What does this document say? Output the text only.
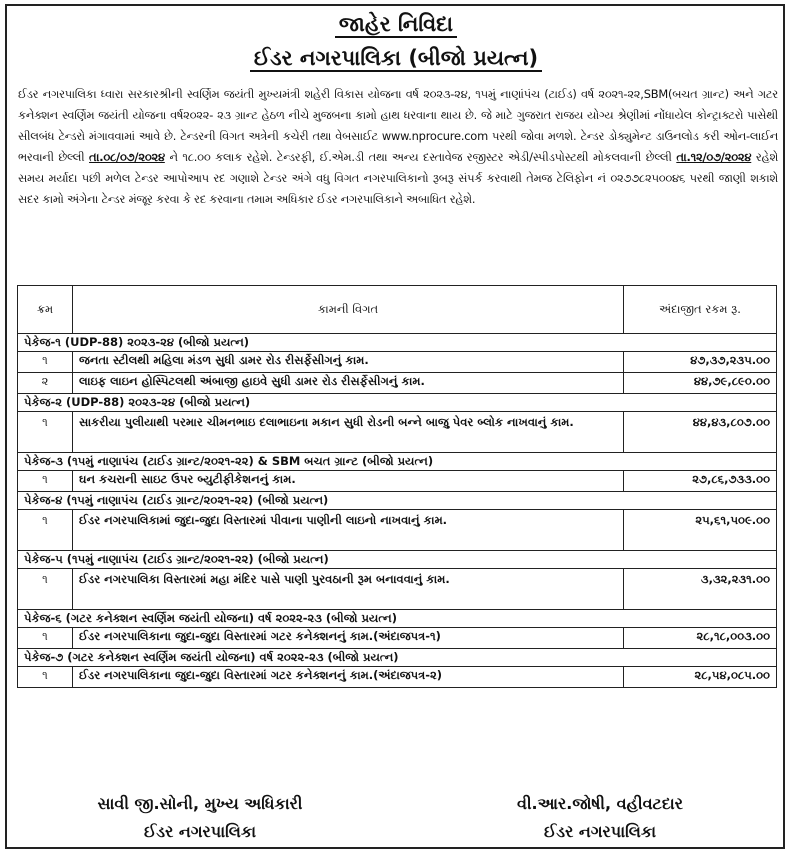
જાહેર નિવિદા
ઈડર નગરપાલિકા (બીજો પ્રયત્ન)

ઈડર નગરપાલિકા ધ્વારા સરકારશ્રીની સ્વર્ણિમ જયંતી મુખ્યમંત્રી શહેરી વિકાસ યોજના વર્ષ ૨૦૨૩-૨૪, ૧૫મું નાણાંપંચ (ટાઈડ) વર્ષ ૨૦૨૧-૨૨,SBM(બચત ગ્રાન્ટ) અને ગટર કનેક્શન સ્વર્ણિમ જયંતી યોજના વર્ષ૨૦૨૨- ૨૩ ગ્રાન્ટ હેઠળ નીચે મુજબના કામો હાથ ધરવાના થાય છે. જે માટે ગુજરાત રાજય યોગ્ય શ્રેણીમાં નોંધાયેલ કોન્ટ્રાક્ટરો પાસેથી સીલબંધ ટેન્ડરો મંગાવવામાં આવે છે. ટેન્ડરની વિગત અત્રેની કચેરી તથા વેબસાઈટ www.nprocure.com પરથી જોવા મળશે. ટેન્ડર ડોક્યુમેન્ટ ડાઉનલોડ કરી ઓન-લાઈન ભરવાની છેલ્લી તા.૦૮/૦૭/૨૦૨૪ ને ૧૮.૦૦ કલાક રહેશે. ટેન્ડરફી, ઈ.એમ.ડી તથા અન્ય દસ્તાવેજ રજીસ્ટર એડી/સ્પીડપોસ્ટથી મોકલવાની છેલ્લી તા.૧૨/૦૭/૨૦૨૪ રહેશે સમય મર્યાદા પછી મળેલ ટેન્ડર આપોઆપ રદ ગણાશે ટેન્ડર અંગે વધુ વિગત નગરપાલિકાનો રૂબરૂ સંપર્ક કરવાથી તેમજ ટેલિફોન નં ૦૨૭૭૮૨૫૦૦૪૬ પરથી જાણી શકાશે સદર કામો અંગેના ટેન્ડર મંજૂર કરવા કે રદ કરવાના તમામ અધિકાર ઈડર નગરપાલિકાને અબાધિત રહેશે.

ક્રમ	કામની વિગત	અંદાજીત રકમ રૂ.
પેકેજ-૧ (UDP-88) ૨૦૨૩-૨૪ (બીજો પ્રયત્ન)		
૧	જનતા સ્ટીલથી મહિલા મંડળ સુધી ડામર રોડ રીસર્ફેસીગનું કામ.	૪૭,૩૭,૨૩૫.૦૦
૨	લાઇફ લાઇન હોસ્પિટલથી અંબાજી હાઇવે સુધી ડામર રોડ રીસર્ફેસીગનું કામ.	૪૪,૭૯,૮૯૦.૦૦
પેકેજ-૨ (UDP-88) ૨૦૨૩-૨૪ (બીજો પ્રયત્ન)		
૧	સાકરીયા પુલીયાથી પરમાર ચીમનભાઇ દલાભાઇના મકાન સુધી રોડની બન્ને બાજુ પેવર બ્લોક નાખવાનું કામ.	૪૪,૪૩,૮૦૭.૦૦
પેકેજ-૩ (૧૫મું નાણાપંચ (ટાઈડ ગ્રાન્ટ/૨૦૨૧-૨૨) & SBM બચત ગ્રાન્ટ (બીજો પ્રયત્ન)		
૧	ઘન કચરાની સાઇટ ઉપર બ્યુટીફીકેશનનું કામ.	૨૭,૮૬,૭૩૩.૦૦
પેકેજ-૪ (૧૫મું નાણાપંચ (ટાઈડ ગ્રાન્ટ/૨૦૨૧-૨૨) (બીજો પ્રયત્ન)		
૧	ઈડર નગરપાલિકામાં જુદા-જુદા વિસ્તારમાં પીવાના પાણીની લાઇનો નાખવાનું કામ.	૨૫,૬૧,૫૦૯.૦૦
પેકેજ-૫ (૧૫મું નાણાપંચ (ટાઈડ ગ્રાન્ટ/૨૦૨૧-૨૨) (બીજો પ્રયત્ન)		
૧	ઈડર નગરપાલિકા વિસ્તારમાં મહા મંદિર પાસે પાણી પુરવઠાની રૂમ બનાવવાનું કામ.	૩,૩૨,૨૩૧.૦૦
પેકેજ-૬ (ગટર કનેક્શન સ્વર્ણિમ જયંતી યોજના) વર્ષ ૨૦૨૨-૨૩ (બીજો પ્રયત્ન)		
૧	ઈડર નગરપાલિકાના જુદા-જુદા વિસ્તારમાં ગટર કનેક્શનનું કામ.(અંદાજપત્ર-૧)	૨૮,૧૮,૦૦૩.૦૦
પેકેજ-૭ (ગટર કનેક્શન સ્વર્ણિમ જયંતી યોજના) વર્ષ ૨૦૨૨-૨૩ (બીજો પ્રયત્ન)		
૧	ઈડર નગરપાલિકાના જુદા-જુદા વિસ્તારમાં ગટર કનેક્શનનું કામ.(અંદાજપત્ર-૨)	૨૮,૫૪,૦૮૫.૦૦
સાવી જી.સોની, મુખ્ય અધિકારી
ઈડર નગરપાલિકા
વી.આર.જોષી, વહીવટદાર
ઈડર નગરપાલિકા
